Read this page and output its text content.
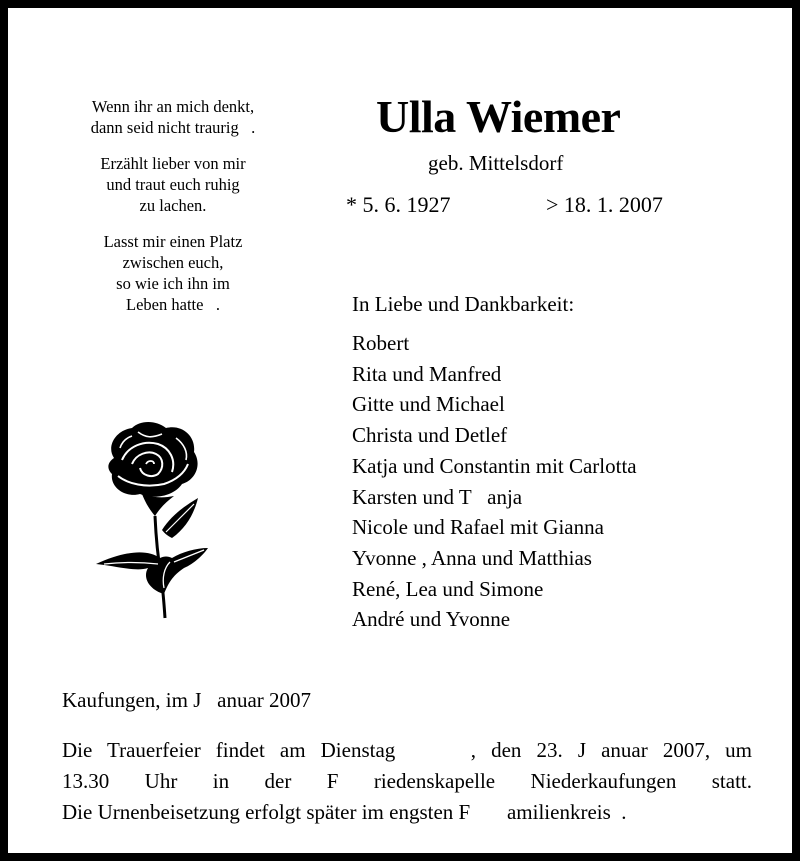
Wenn ihr an mich denkt,
dann seid nicht traurig   .
Erzählt lieber von mir
und traut euch ruhig
zu lachen.
Lasst mir einen Platz
zwischen euch,
so wie ich ihn im
Leben hatte   .
Ulla Wiemer
geb. Mittelsdorf
* 5. 6. 1927	> 18. 1. 2007
In Liebe und Dankbarkeit:
Robert
Rita und Manfred
Gitte und Michael
Christa und Detlef
Katja und Constantin mit Carlotta
Karsten und T   anja
Nicole und Rafael mit Gianna
Yvonne , Anna und Matthias
René, Lea und Simone
André und Yvonne
Kaufungen, im J   anuar 2007
Die Trauerfeier findet am Dienstag     , den 23. J anuar 2007, um
13.30 Uhr in der F riedenskapelle Niederkaufungen statt.
Die Urnenbeisetzung erfolgt später im engsten F       amilienkreis  .
